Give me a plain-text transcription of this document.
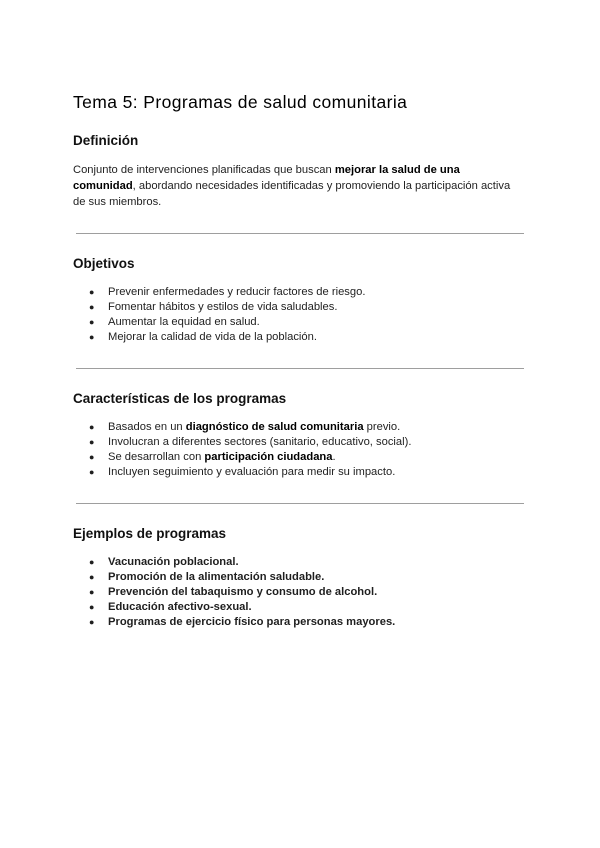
Tema 5: Programas de salud comunitaria
Definición

Conjunto de intervenciones planificadas que buscan mejorar la salud de una comunidad, abordando necesidades identificadas y promoviendo la participación activa de sus miembros.

Objetivos
● Prevenir enfermedades y reducir factores de riesgo.
● Fomentar hábitos y estilos de vida saludables.
● Aumentar la equidad en salud.
● Mejorar la calidad de vida de la población.
Características de los programas
● Basados en un diagnóstico de salud comunitaria previo.
● Involucran a diferentes sectores (sanitario, educativo, social).
● Se desarrollan con participación ciudadana.
● Incluyen seguimiento y evaluación para medir su impacto.
Ejemplos de programas
● Vacunación poblacional.
● Promoción de la alimentación saludable.
● Prevención del tabaquismo y consumo de alcohol.
● Educación afectivo-sexual.
● Programas de ejercicio físico para personas mayores.
